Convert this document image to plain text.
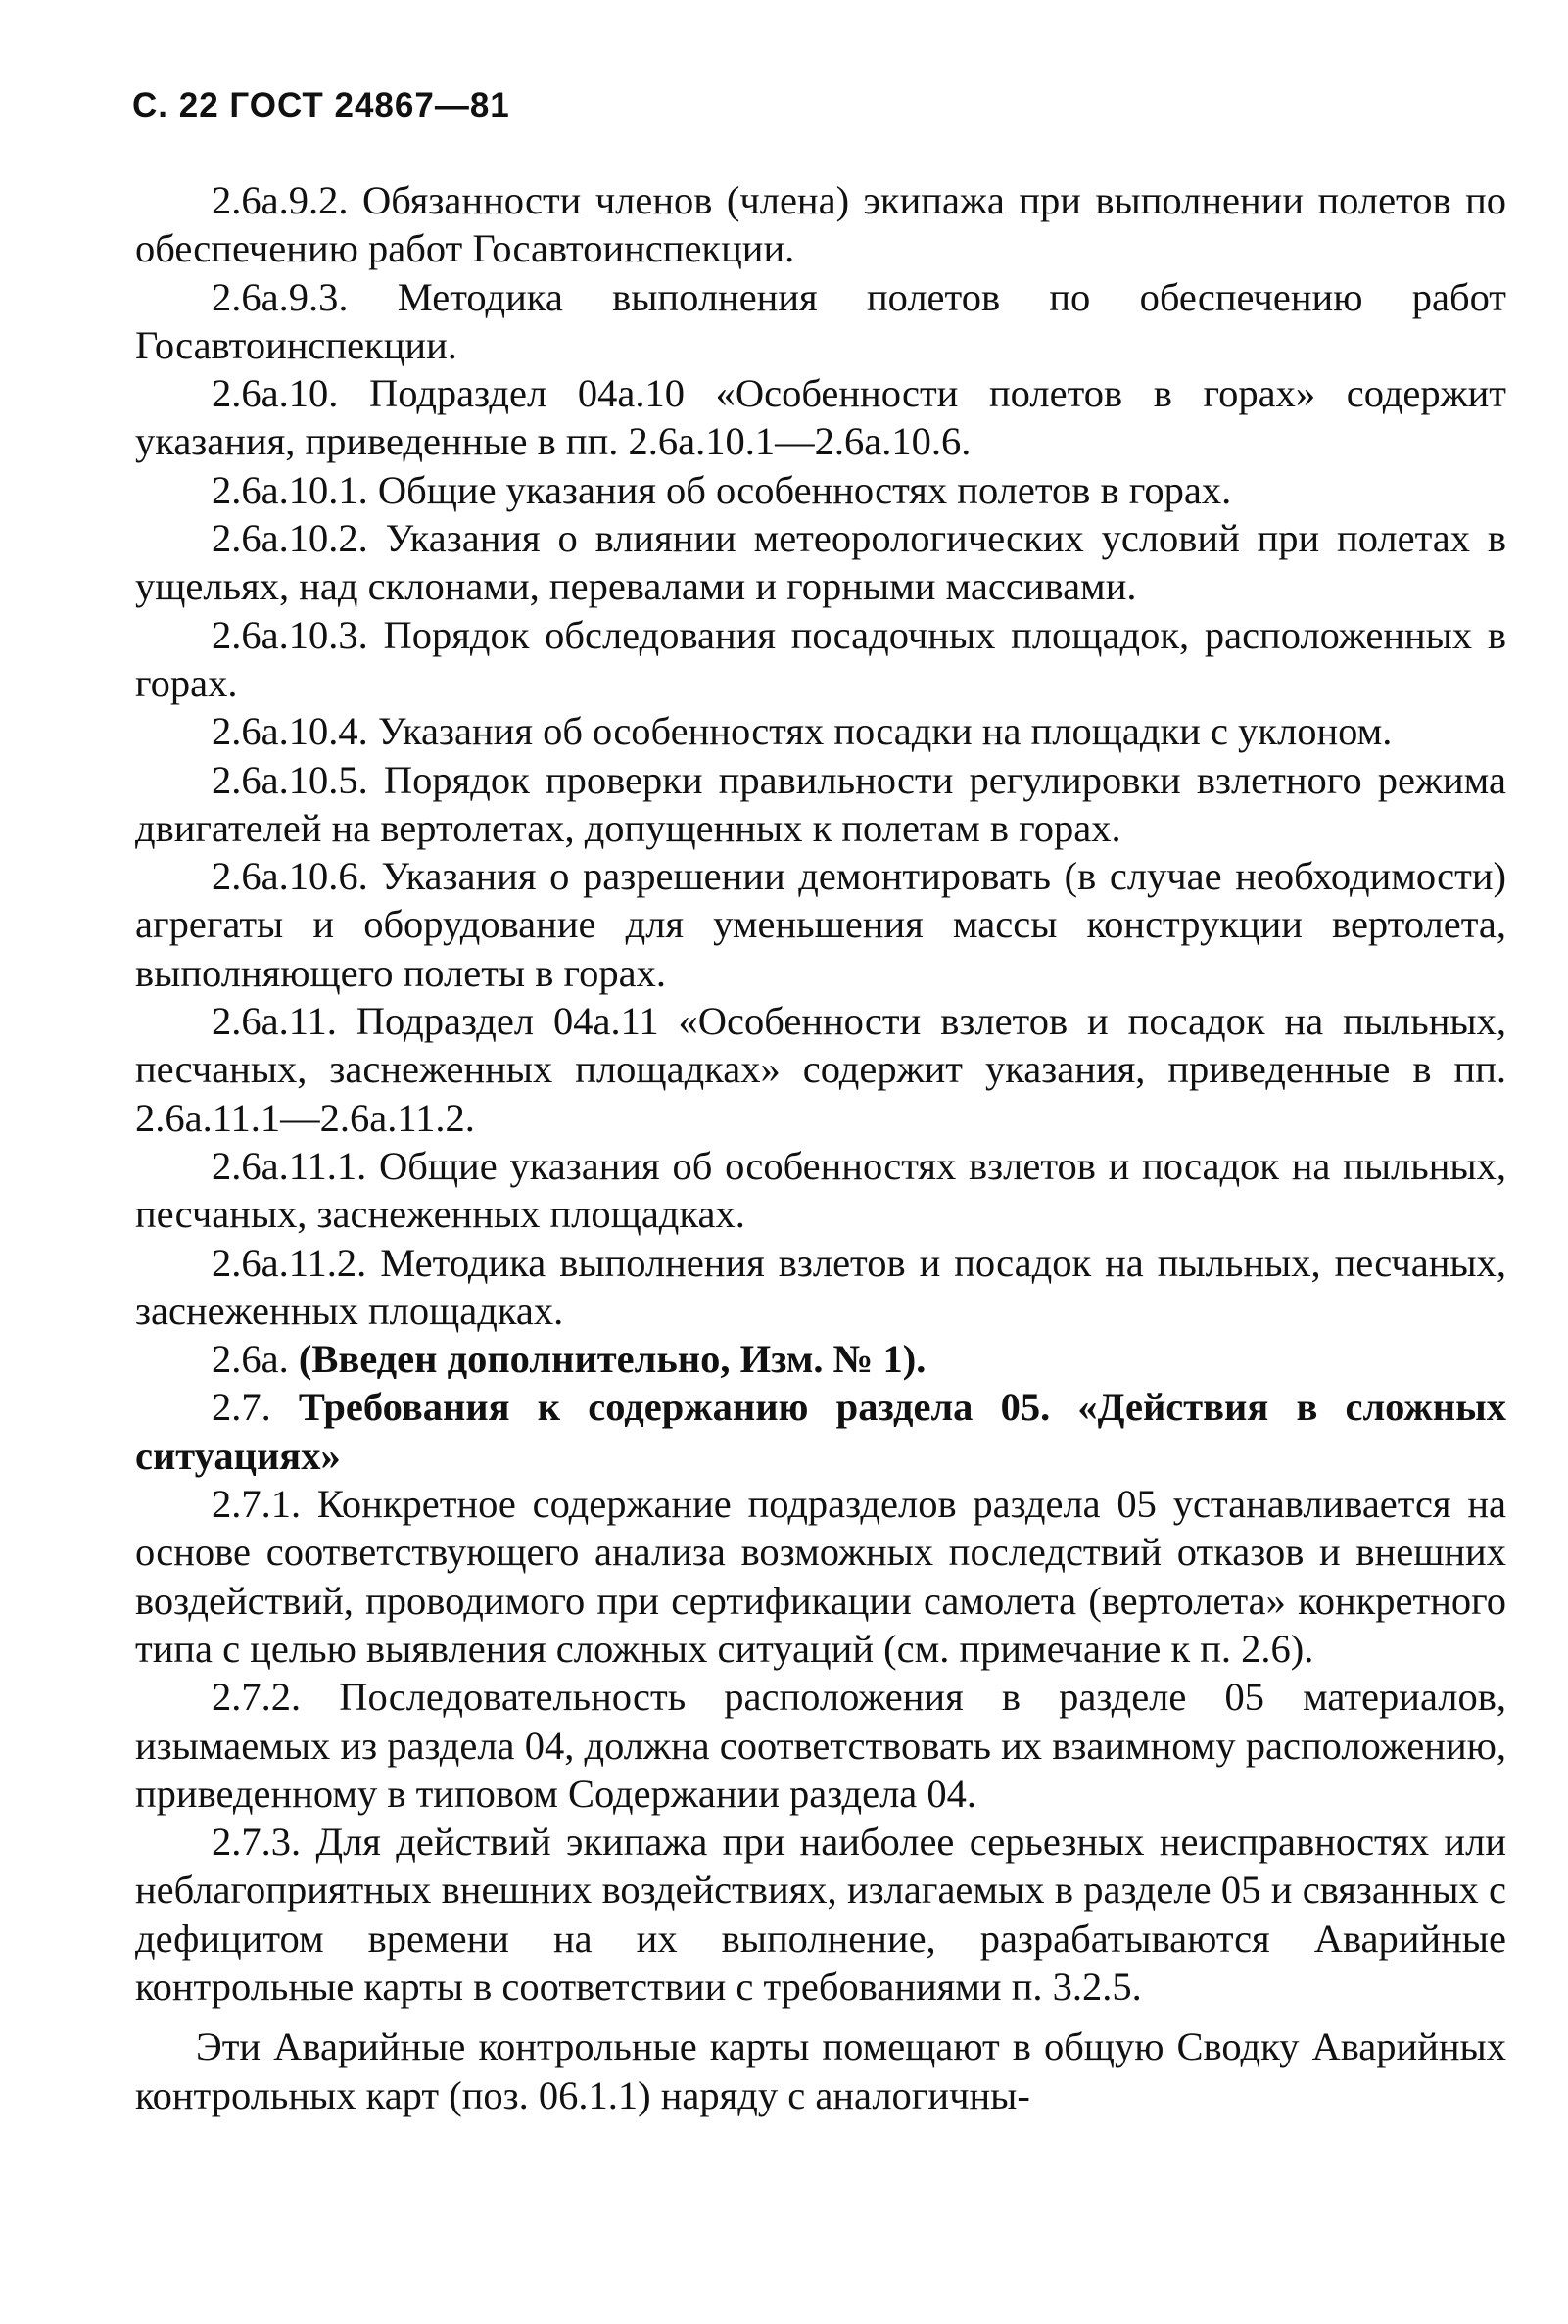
С. 22 ГОСТ 24867—81

2.6а.9.2. Обязанности членов (члена) экипажа при выполнении полетов по обеспечению работ Госавтоинспекции.

2.6а.9.3. Методика выполнения полетов по обеспечению работ Госавтоинспекции.

2.6а.10. Подраздел 04а.10 «Особенности полетов в горах» содержит указания, приведенные в пп. 2.6а.10.1—2.6а.10.6.

2.6а.10.1. Общие указания об особенностях полетов в горах.

2.6а.10.2. Указания о влиянии метеорологических условий при полетах в ущельях, над склонами, перевалами и горными массивами.

2.6а.10.3. Порядок обследования посадочных площадок, расположенных в горах.

2.6а.10.4. Указания об особенностях посадки на площадки с уклоном.

2.6а.10.5. Порядок проверки правильности регулировки взлетного режима двигателей на вертолетах, допущенных к полетам в горах.

2.6а.10.6. Указания о разрешении демонтировать (в случае необходимости) агрегаты и оборудование для уменьшения массы конструкции вертолета, выполняющего полеты в горах.

2.6а.11. Подраздел 04а.11 «Особенности взлетов и посадок на пыльных, песчаных, заснеженных площадках» содержит указания, приведенные в пп. 2.6а.11.1—2.6а.11.2.

2.6а.11.1. Общие указания об особенностях взлетов и посадок на пыльных, песчаных, заснеженных площадках.

2.6а.11.2. Методика выполнения взлетов и посадок на пыльных, песчаных, заснеженных площадках.

2.6а. (Введен дополнительно, Изм. № 1).

2.7. Требования к содержанию раздела 05. «Действия в сложных ситуациях»

2.7.1. Конкретное содержание подразделов раздела 05 устанавливается на основе соответствующего анализа возможных последствий отказов и внешних воздействий, проводимого при сертификации самолета (вертолета» конкретного типа с целью выявления сложных ситуаций (см. примечание к п. 2.6).

2.7.2. Последовательность расположения в разделе 05 материалов, изымаемых из раздела 04, должна соответствовать их взаимному расположению, приведенному в типовом Содержании раздела 04.

2.7.3. Для действий экипажа при наиболее серьезных неисправностях или неблагоприятных внешних воздействиях, излагаемых в разделе 05 и связанных с дефицитом времени на их выполнение, разрабатываются Аварийные контрольные карты в соответствии с требованиями п. 3.2.5.

Эти Аварийные контрольные карты помещают в общую Сводку Аварийных контрольных карт (поз. 06.1.1) наряду с аналогичны-
